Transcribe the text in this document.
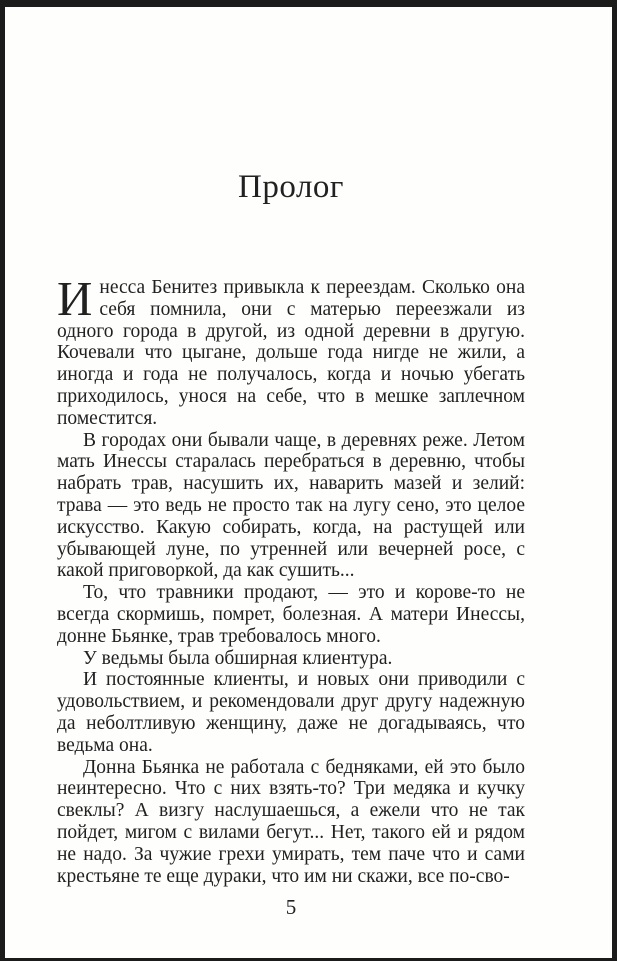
Пролог

Инесса Бенитез привыкла к переездам. Сколько она себя помнила, они с матерью переезжали из одного города в другой, из одной деревни в другую. Кочевали что цыгане, дольше года нигде не жили, а иногда и года не получалось, когда и ночью убегать приходилось, унося на себе, что в мешке заплечном поместится.

В городах они бывали чаще, в деревнях реже. Летом мать Инессы старалась перебраться в деревню, чтобы набрать трав, насушить их, наварить мазей и зелий: трава — это ведь не просто так на лугу сено, это целое искусство. Какую собирать, когда, на растущей или убывающей луне, по утренней или вечерней росе, с какой приговоркой, да как сушить...

То, что травники продают, — это и корове-то не всегда скормишь, помрет, болезная. А матери Инессы, донне Бьянке, трав требовалось много.

У ведьмы была обширная клиентура.

И постоянные клиенты, и новых они приводили с удовольствием, и рекомендовали друг другу надежную да неболтливую женщину, даже не догадываясь, что ведьма она.

Донна Бьянка не работала с бедняками, ей это было неинтересно. Что с них взять-то? Три медяка и кучку свеклы? А визгу наслушаешься, а ежели что не так пойдет, мигом с вилами бегут... Нет, такого ей и рядом не надо. За чужие грехи умирать, тем паче что и сами крестьяне те еще дураки, что им ни скажи, все по-сво-

5
